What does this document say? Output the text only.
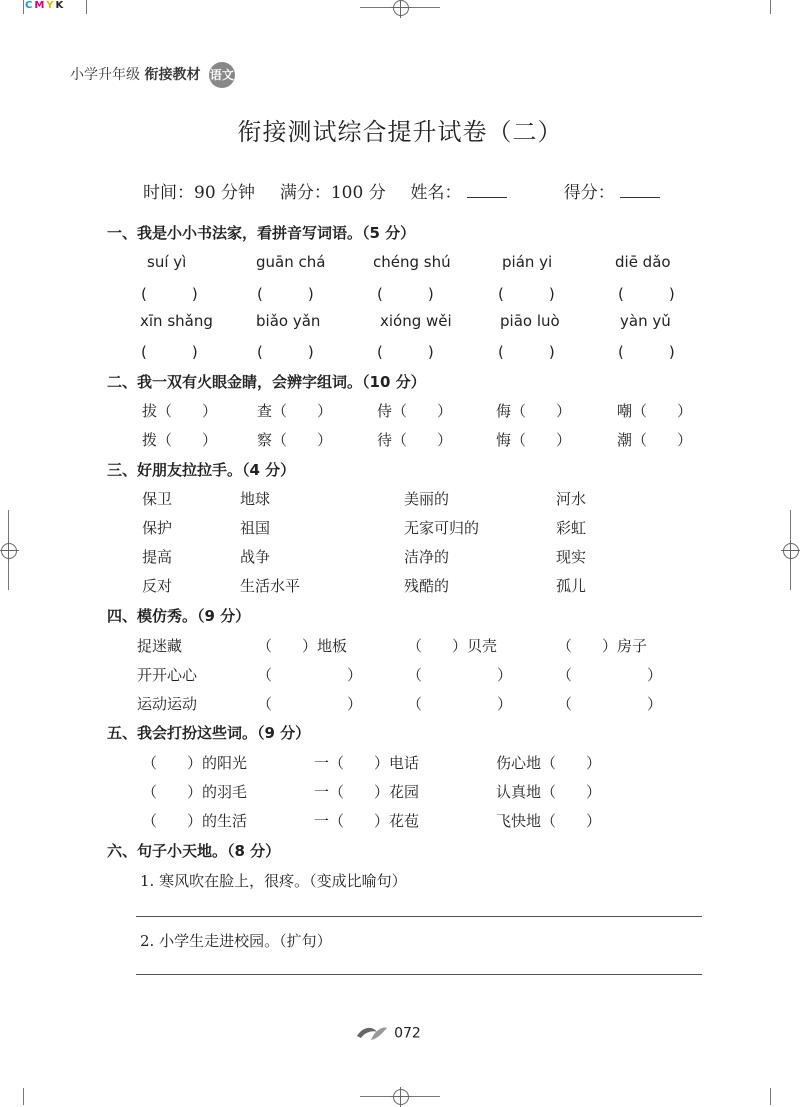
CMYK
小学升年级 衔接教材 语文
衔接测试综合提升试卷（二）
时间：90 分钟 满分：100 分 姓名：	得分：
一、我是小小书法家，看拼音写词语。（5 分）
suí yì	guān chá	chéng shú	pián yi	diē dǎo
(　　　)	(　　　)	(　　　)	(　　　)	(　　　)
xīn shǎng	biǎo yǎn	xióng wěi	piāo luò	yàn yǔ
(　　　)	(　　　)	(　　　)	(　　　)	(　　　)
二、我一双有火眼金睛，会辨字组词。（10 分）
拔（　　）	查（　　）	侍（　　）	侮（　　）	嘲（　　）
拨（　　）	察（　　）	待（　　）	悔（　　）	潮（　　）
三、好朋友拉拉手。（4 分）
保卫	地球	美丽的	河水
保护	祖国	无家可归的	彩虹
提高	战争	洁净的	现实
反对	生活水平	残酷的	孤儿
四、模仿秀。（9 分）
捉迷藏	（　　）地板	（　　）贝壳	（　　）房子
开开心心	（　　　　　）	（　　　　　）	（　　　　　）
运动运动	（　　　　　）	（　　　　　）	（　　　　　）
五、我会打扮这些词。（9 分）
（　　）的阳光	一（　　）电话	伤心地（　　）
（　　）的羽毛	一（　　）花园	认真地（　　）
（　　）的生活	一（　　）花苞	飞快地（　　）
六、句子小天地。（8 分）
1. 寒风吹在脸上，很疼。（变成比喻句）
2. 小学生走进校园。（扩句）
072
